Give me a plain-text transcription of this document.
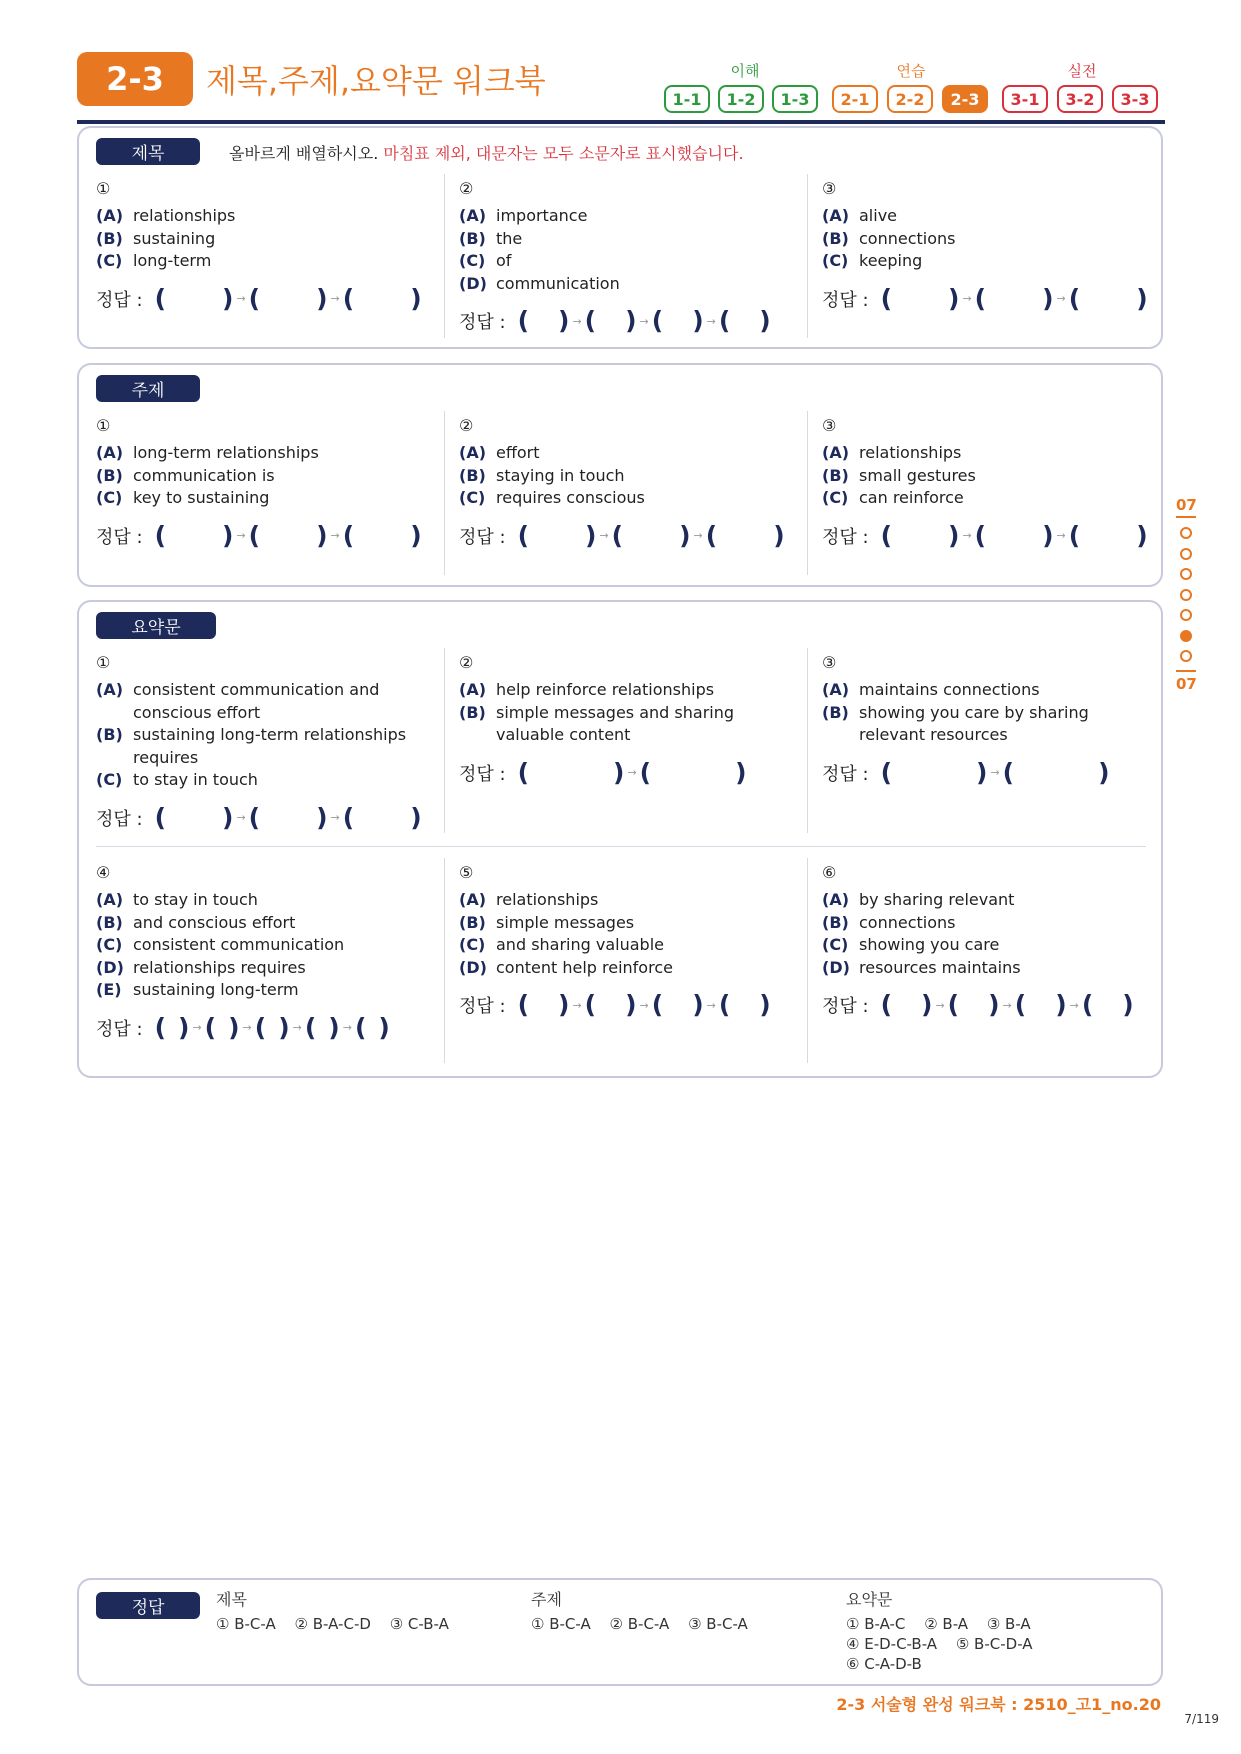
2-3	제목,주제,요약문 워크북	이해	연습	실전
1-1	1-2	1-3	2-1	2-2	2-3	3-1	3-2	3-3
제목	올바르게 배열하시오. 마침표 제외, 대문자는 모두 소문자로 표시했습니다.
①
(A) relationships
(B) sustaining
(C) long-term
정답 : ( ) → ( ) → ( )
②
(A) importance
(B) the
(C) of
(D) communication
정답 : ( ) → ( ) → ( ) → ( )
③
(A) alive
(B) connections
(C) keeping
정답 : ( ) → ( ) → ( )
주제
①
(A) long-term relationships
(B) communication is
(C) key to sustaining
정답 : ( ) → ( ) → ( )
②
(A) effort
(B) staying in touch
(C) requires conscious
정답 : ( ) → ( ) → ( )
③
(A) relationships
(B) small gestures
(C) can reinforce
정답 : ( ) → ( ) → ( )
요약문
①
(A) consistent communication and conscious effort
(B) sustaining long-term relationships requires
(C) to stay in touch
정답 : ( ) → ( ) → ( )
②
(A) help reinforce relationships
(B) simple messages and sharing valuable content
정답 : (	) → (	)
③
(A) maintains connections
(B) showing you care by sharing relevant resources
정답 : (	) → (	)
④
(A) to stay in touch
(B) and conscious effort
(C) consistent communication
(D) relationships requires
(E) sustaining long-term
정답 : ( ) → ( ) → ( ) → ( ) → ( )
⑤
(A) relationships
(B) simple messages
(C) and sharing valuable
(D) content help reinforce
정답 : ( ) → ( ) → ( ) → ( )
⑥
(A) by sharing relevant
(B) connections
(C) showing you care
(D) resources maintains
정답 : ( ) → ( ) → ( ) → ( )
07
07
정답	제목
① B-C-A ② B-A-C-D ③ C-B-A
주제
① B-C-A ② B-C-A ③ B-C-A
요약문
① B-A-C ② B-A ③ B-A
④ E-D-C-B-A ⑤ B-C-D-A
⑥ C-A-D-B
2-3 서술형 완성 워크북 : 2510_고1_no.20
7/119
